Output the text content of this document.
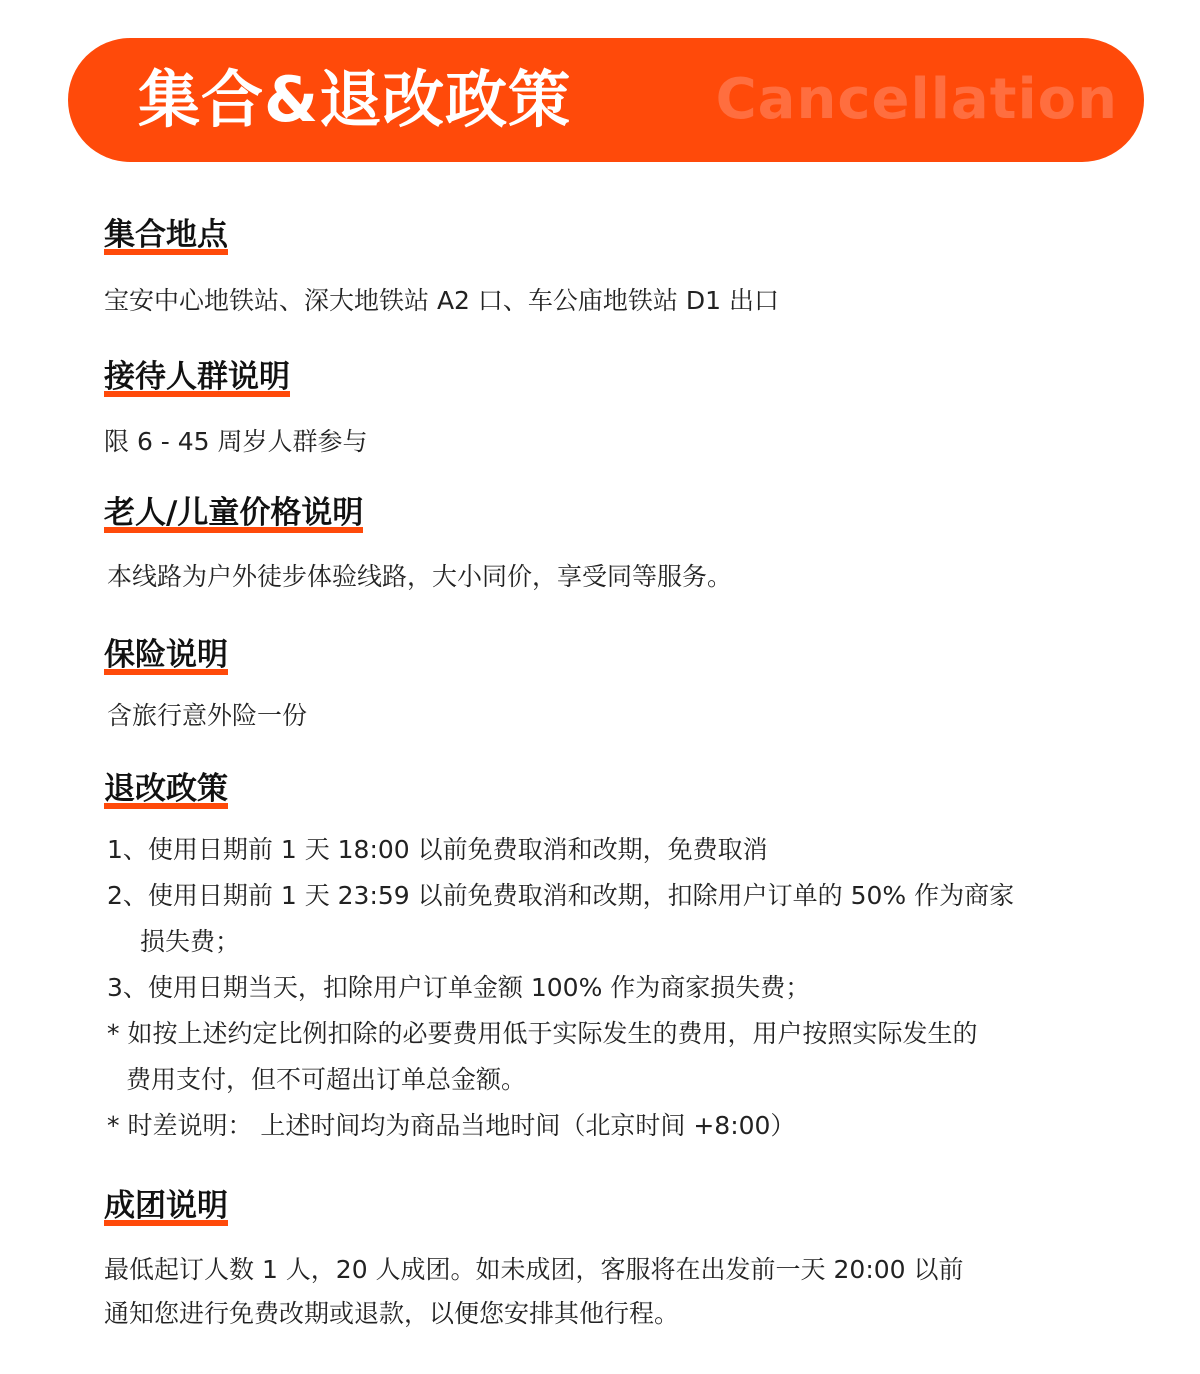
集合&退改政策	Cancellation
集合地点
宝安中心地铁站、深大地铁站 A2 口、车公庙地铁站 D1 出口
接待人群说明
限 6 - 45 周岁人群参与
老人/儿童价格说明
本线路为户外徒步体验线路，大小同价，享受同等服务。
保险说明
含旅行意外险一份
退改政策
1、使用日期前 1 天 18:00 以前免费取消和改期，免费取消
2、使用日期前 1 天 23:59 以前免费取消和改期，扣除用户订单的 50% 作为商家
损失费；
3、使用日期当天，扣除用户订单金额 100% 作为商家损失费；
* 如按上述约定比例扣除的必要费用低于实际发生的费用，用户按照实际发生的
费用支付，但不可超出订单总金额。
* 时差说明： 上述时间均为商品当地时间（北京时间 +8:00）
成团说明
最低起订人数 1 人，20 人成团。如未成团，客服将在出发前一天 20:00 以前
通知您进行免费改期或退款，以便您安排其他行程。
